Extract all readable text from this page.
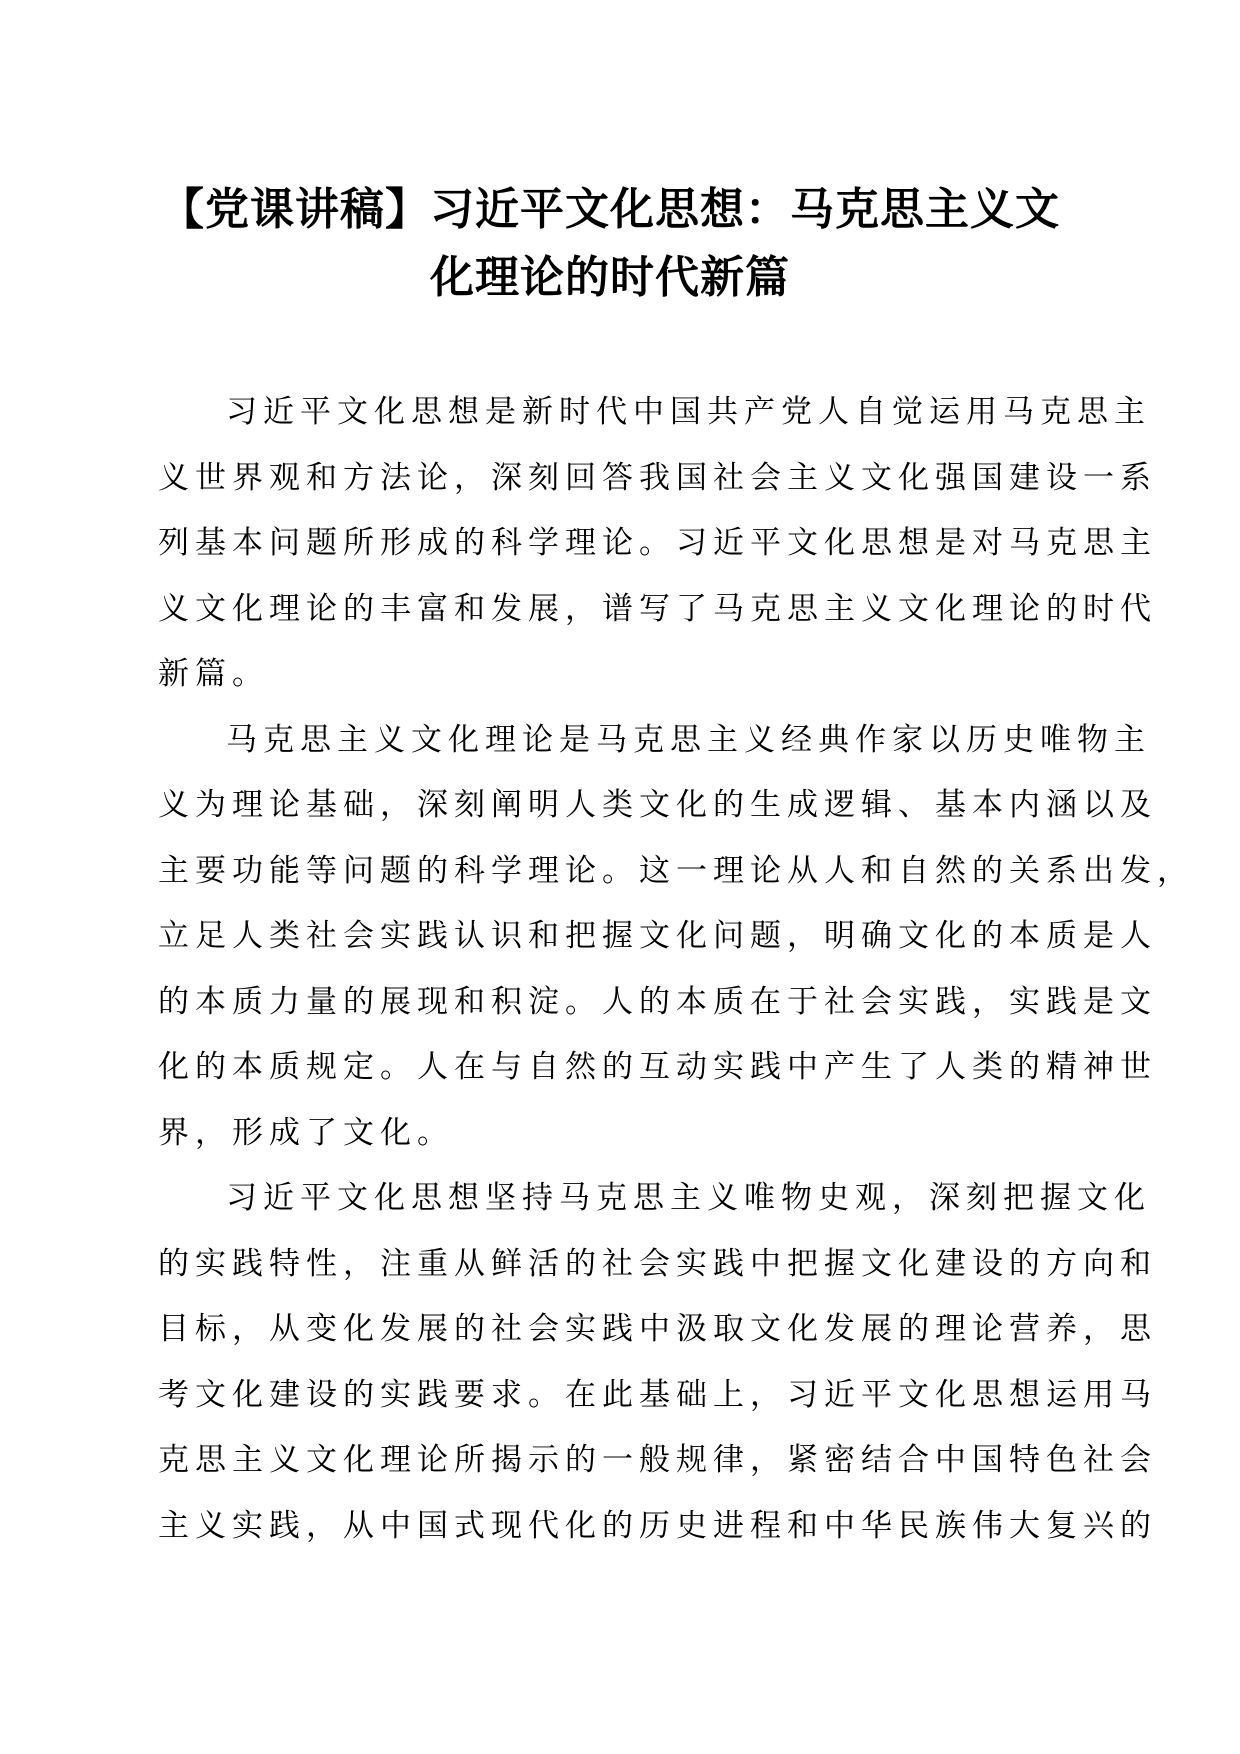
【党课讲稿】习近平文化思想：马克思主义文
化理论的时代新篇
习近平文化思想是新时代中国共产党人自觉运用马克思主
义世界观和方法论，深刻回答我国社会主义文化强国建设一系
列基本问题所形成的科学理论。习近平文化思想是对马克思主
义文化理论的丰富和发展，谱写了马克思主义文化理论的时代
新篇。
马克思主义文化理论是马克思主义经典作家以历史唯物主
义为理论基础，深刻阐明人类文化的生成逻辑、基本内涵以及
主要功能等问题的科学理论。这一理论从人和自然的关系出发，
立足人类社会实践认识和把握文化问题，明确文化的本质是人
的本质力量的展现和积淀。人的本质在于社会实践，实践是文
化的本质规定。人在与自然的互动实践中产生了人类的精神世
界，形成了文化。
习近平文化思想坚持马克思主义唯物史观，深刻把握文化
的实践特性，注重从鲜活的社会实践中把握文化建设的方向和
目标，从变化发展的社会实践中汲取文化发展的理论营养，思
考文化建设的实践要求。在此基础上，习近平文化思想运用马
克思主义文化理论所揭示的一般规律，紧密结合中国特色社会
主义实践，从中国式现代化的历史进程和中华民族伟大复兴的
